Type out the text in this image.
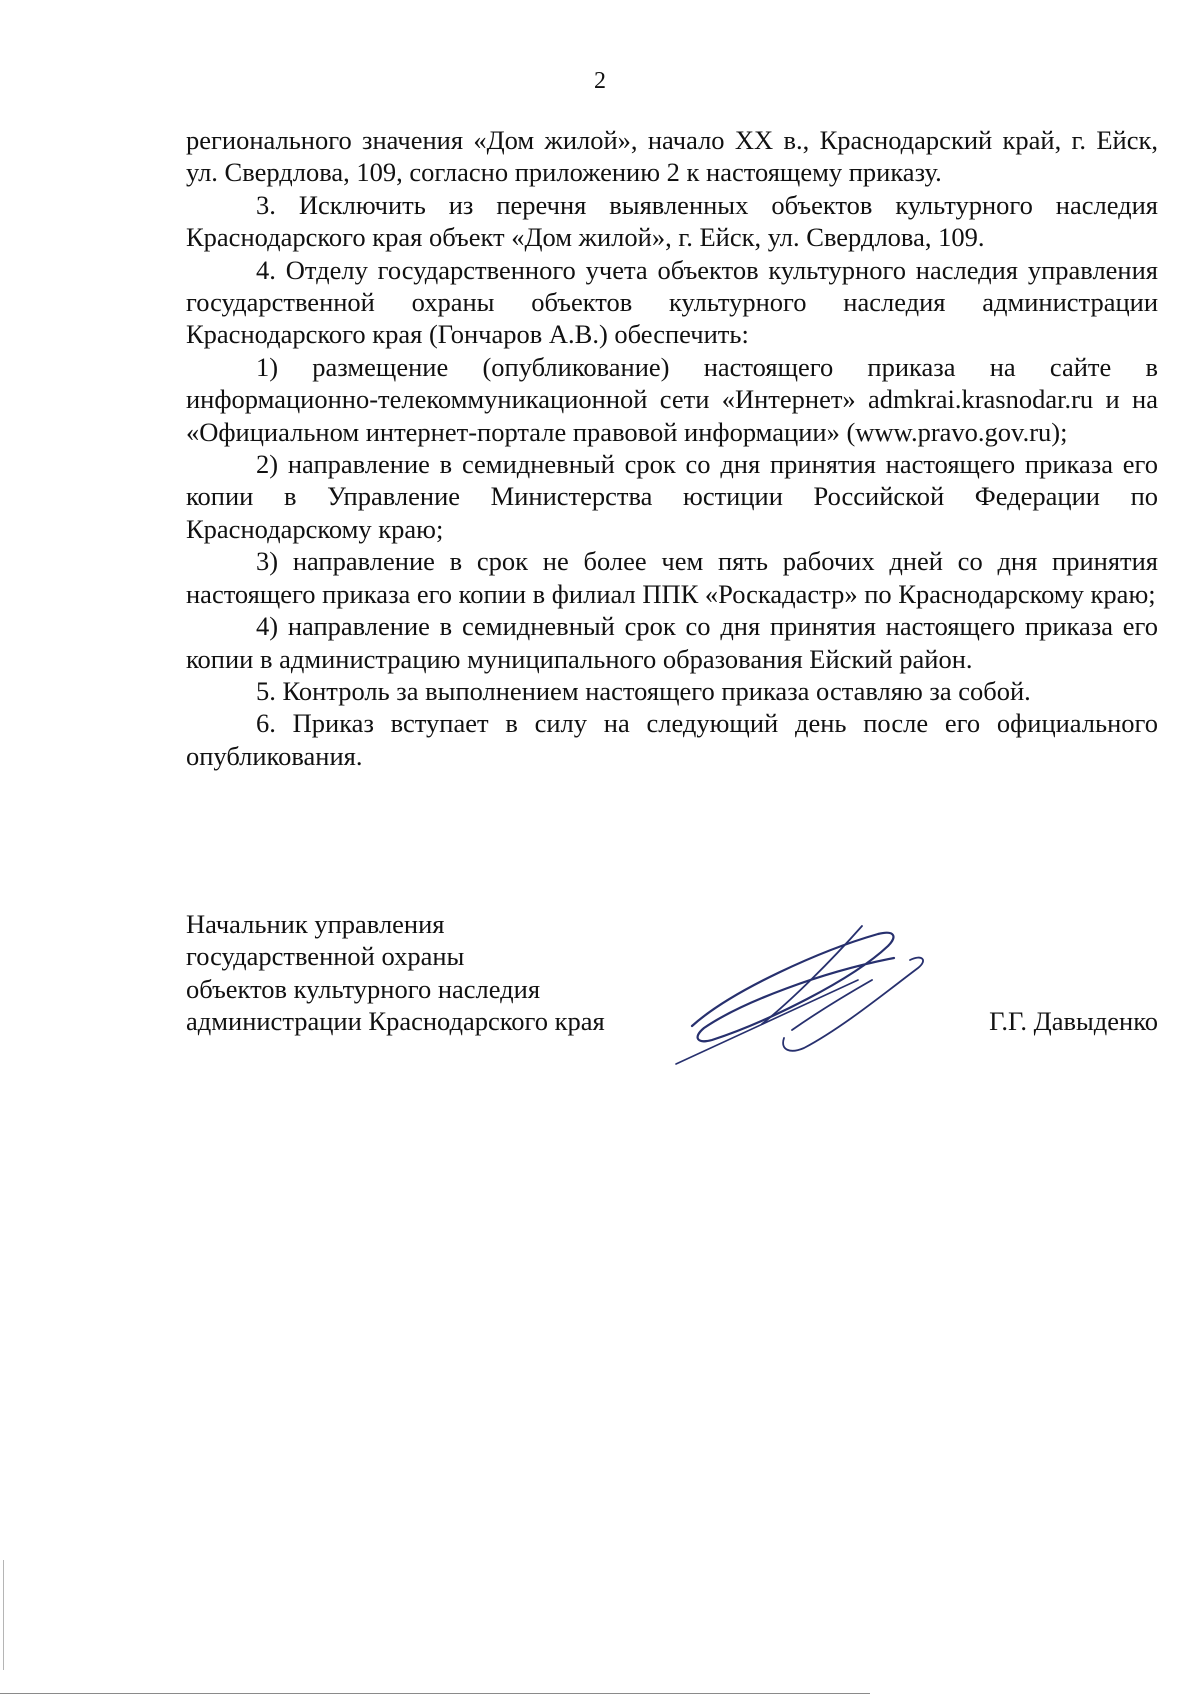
2

регионального значения «Дом жилой», начало XX в., Краснодарский край, г. Ейск, ул. Свердлова, 109, согласно приложению 2 к настоящему приказу.

3. Исключить из перечня выявленных объектов культурного наследия Краснодарского края объект «Дом жилой», г. Ейск, ул. Свердлова, 109.

4. Отделу государственного учета объектов культурного наследия управления государственной охраны объектов культурного наследия администрации Краснодарского края (Гончаров А.В.) обеспечить:

1) размещение (опубликование) настоящего приказа на сайте в информационно-телекоммуникационной сети «Интернет» admkrai.krasnodar.ru и на «Официальном интернет-портале правовой информации» (www.pravo.gov.ru);

2) направление в семидневный срок со дня принятия настоящего приказа его копии в Управление Министерства юстиции Российской Федерации по Краснодарскому краю;

3) направление в срок не более чем пять рабочих дней со дня принятия настоящего приказа его копии в филиал ППК «Роскадастр» по Краснодарскому краю;

4) направление в семидневный срок со дня принятия настоящего приказа его копии в администрацию муниципального образования Ейский район.

5. Контроль за выполнением настоящего приказа оставляю за собой.

6. Приказ вступает в силу на следующий день после его официального опубликования.

Начальник управления
государственной охраны
объектов культурного наследия
администрации Краснодарского края	Г.Г. Давыденко
